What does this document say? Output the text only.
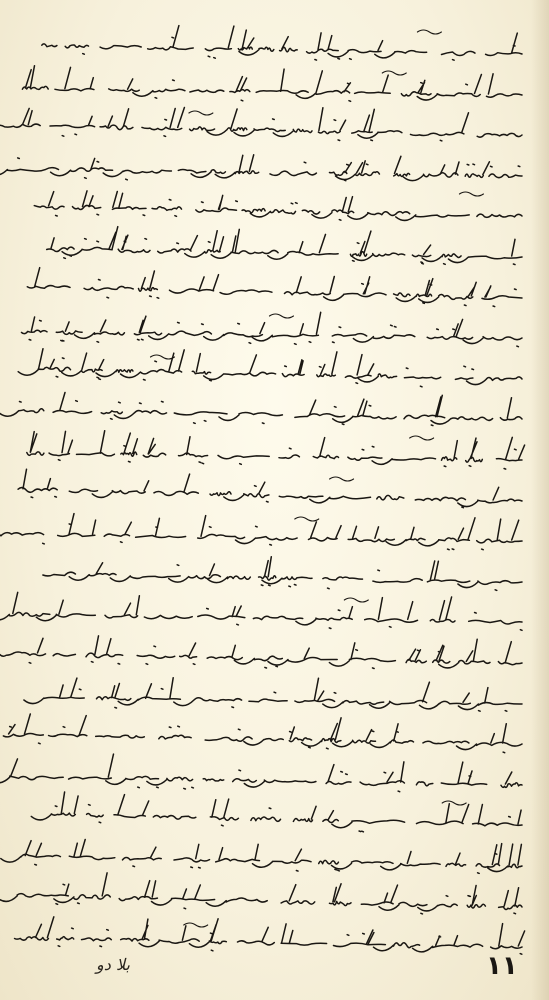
بلا دو	١١
